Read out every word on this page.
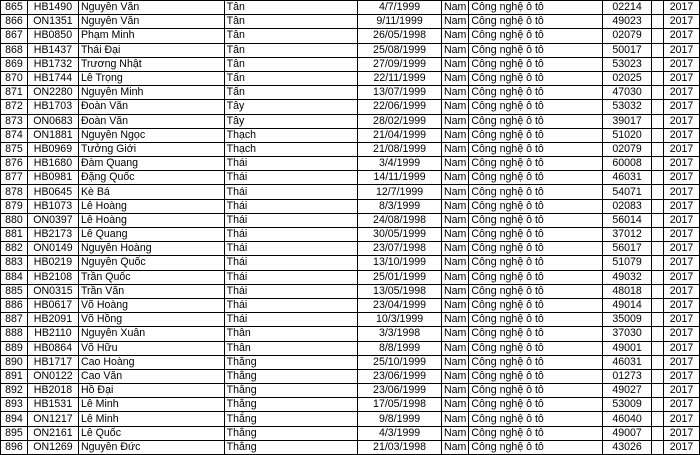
865	HB1490	Nguyễn Văn	Tân	4/7/1999	Nam	Công nghệ ô tô	02214		2017
866	ON1351	Nguyễn Văn	Tân	9/11/1999	Nam	Công nghệ ô tô	49023		2017
867	HB0850	Phạm Minh	Tân	26/05/1998	Nam	Công nghệ ô tô	02079		2017
868	HB1437	Thái Đại	Tân	25/08/1999	Nam	Công nghệ ô tô	50017		2017
869	HB1732	Trương Nhật	Tân	27/09/1999	Nam	Công nghệ ô tô	53023		2017
870	HB1744	Lê Trọng	Tấn	22/11/1999	Nam	Công nghệ ô tô	02025		2017
871	ON2280	Nguyễn Minh	Tấn	13/07/1999	Nam	Công nghệ ô tô	47030		2017
872	HB1703	Đoàn Văn	Tây	22/06/1999	Nam	Công nghệ ô tô	53032		2017
873	ON0683	Đoàn Văn	Tây	28/02/1999	Nam	Công nghệ ô tô	39017		2017
874	ON1881	Nguyễn Ngọc	Thạch	21/04/1999	Nam	Công nghệ ô tô	51020		2017
875	HB0969	Tưởng Giới	Thạch	21/08/1999	Nam	Công nghệ ô tô	02079		2017
876	HB1680	Đàm Quang	Thái	3/4/1999	Nam	Công nghệ ô tô	60008		2017
877	HB0981	Đặng Quốc	Thái	14/11/1999	Nam	Công nghệ ô tô	46031		2017
878	HB0645	Kè Bá	Thái	12/7/1999	Nam	Công nghệ ô tô	54071		2017
879	HB1073	Lê Hoàng	Thái	8/3/1999	Nam	Công nghệ ô tô	02083		2017
880	ON0397	Lê Hoàng	Thái	24/08/1998	Nam	Công nghệ ô tô	56014		2017
881	HB2173	Lê Quang	Thái	30/05/1999	Nam	Công nghệ ô tô	37012		2017
882	ON0149	Nguyễn Hoàng	Thái	23/07/1998	Nam	Công nghệ ô tô	56017		2017
883	HB0219	Nguyễn Quốc	Thái	13/10/1999	Nam	Công nghệ ô tô	51079		2017
884	HB2108	Trần Quốc	Thái	25/01/1999	Nam	Công nghệ ô tô	49032		2017
885	ON0315	Trần Văn	Thái	13/05/1998	Nam	Công nghệ ô tô	48018		2017
886	HB0617	Võ Hoàng	Thái	23/04/1999	Nam	Công nghệ ô tô	49014		2017
887	HB2091	Võ Hồng	Thái	10/3/1999	Nam	Công nghệ ô tô	35009		2017
888	HB2110	Nguyễn Xuân	Thân	3/3/1998	Nam	Công nghệ ô tô	37030		2017
889	HB0864	Võ Hữu	Thân	8/8/1999	Nam	Công nghệ ô tô	49001		2017
890	HB1717	Cao Hoàng	Thắng	25/10/1999	Nam	Công nghệ ô tô	46031		2017
891	ON0122	Cao Văn	Thắng	23/06/1999	Nam	Công nghệ ô tô	01273		2017
892	HB2018	Hồ Đại	Thắng	23/06/1999	Nam	Công nghệ ô tô	49027		2017
893	HB1531	Lê Minh	Thắng	17/05/1998	Nam	Công nghệ ô tô	53009		2017
894	ON1217	Lê Minh	Thắng	9/8/1999	Nam	Công nghệ ô tô	46040		2017
895	ON2161	Lê Quốc	Thắng	4/3/1999	Nam	Công nghệ ô tô	49007		2017
896	ON1269	Nguyễn Đức	Thắng	21/03/1998	Nam	Công nghệ ô tô	43026		2017
